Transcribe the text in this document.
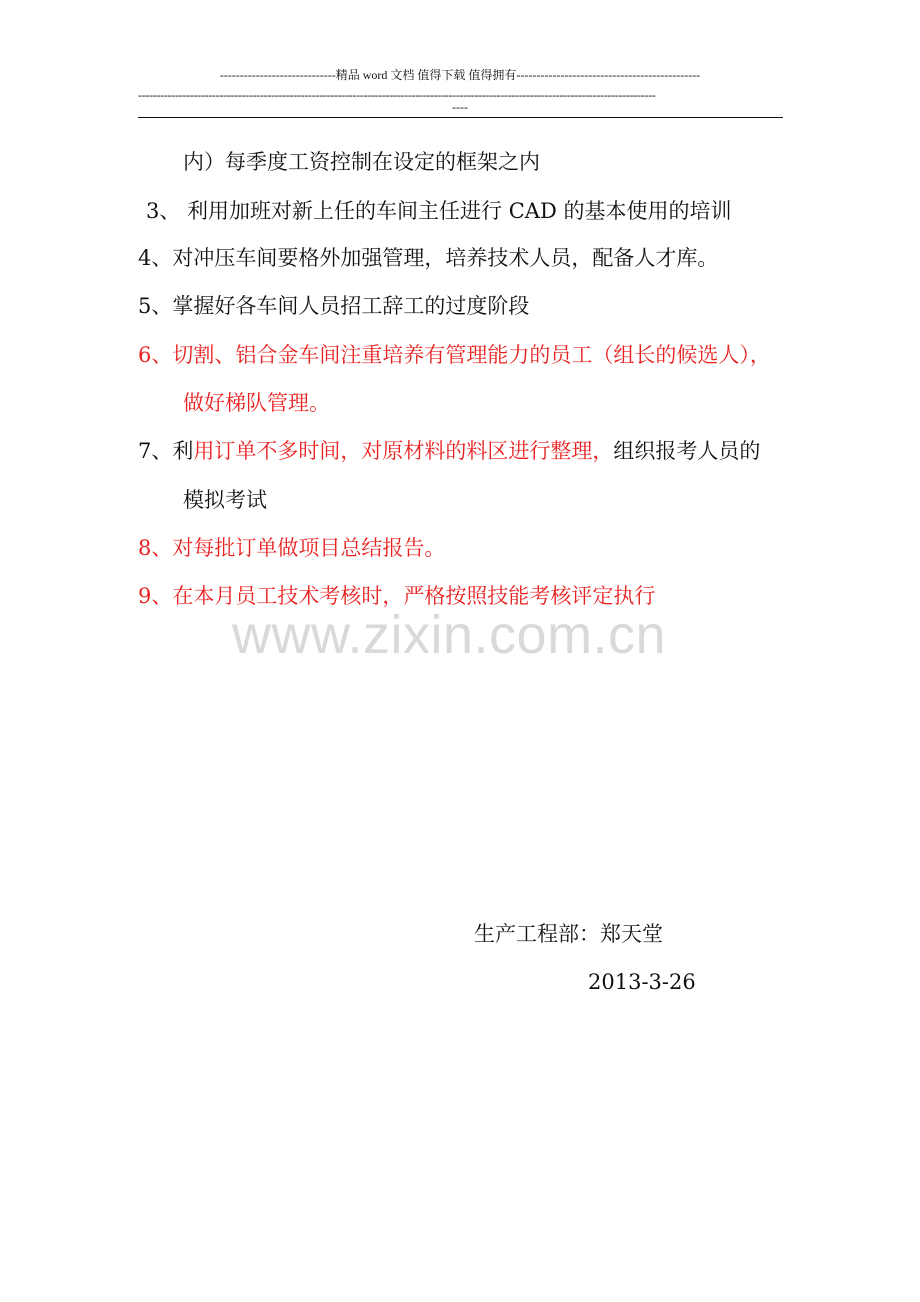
-----------------------------精品 word 文档 值得下载 值得拥有----------------------------------------------
--------------------------------------------------------------------------------------------------------------------------------------------
----
内）每季度工资控制在设定的框架之内
3、 利用加班对新上任的车间主任进行 CAD 的基本使用的培训
4、对冲压车间要格外加强管理，培养技术人员，配备人才库。
5、掌握好各车间人员招工辞工的过度阶段
6、切割、铝合金车间注重培养有管理能力的员工（组长的候选人），
做好梯队管理。
7、利用订单不多时间，对原材料的料区进行整理，组织报考人员的
模拟考试
8、对每批订单做项目总结报告。
9、在本月员工技术考核时，严格按照技能考核评定执行
www.zixin.com.cn
生产工程部：郑天堂
2013-3-26
